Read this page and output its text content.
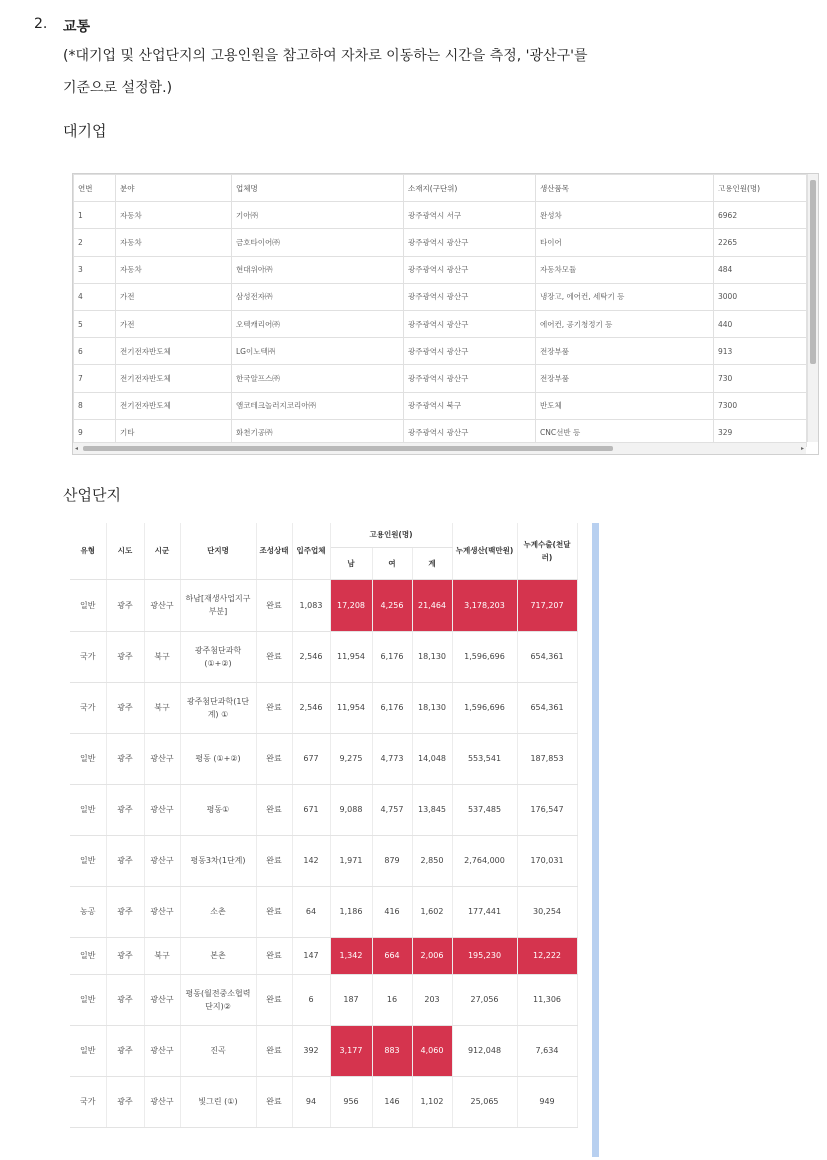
2. 교통
(*대기업 및 산업단지의 고용인원을 참고하여 자차로 이동하는 시간을 측정, '광산구'를
기준으로 설정함.)
대기업
연번	분야	업체명	소재지(구단위)	생산품목	고용인원(명)
1	자동차	기아㈜	광주광역시 서구	완성차	6962
2	자동차	금호타이어㈜	광주광역시 광산구	타이어	2265
3	자동차	현대위아㈜	광주광역시 광산구	자동차모듈	484
4	가전	삼성전자㈜	광주광역시 광산구	냉장고, 에어컨, 세탁기 등	3000
5	가전	오텍캐리어㈜	광주광역시 광산구	에어컨, 공기청정기 등	440
6	전기전자반도체	LG이노텍㈜	광주광역시 광산구	전장부품	913
7	전기전자반도체	한국알프스㈜	광주광역시 광산구	전장부품	730
8	전기전자반도체	앰코테크놀러지코리아㈜	광주광역시 북구	반도체	7300
9	기타	화천기공㈜	광주광역시 광산구	CNC선반 등	329
◂	▸
산업단지
유형	시도	시군	단지명	조성상태	입주업체	고용인원(명)			누계생산(백만원)	누계수출(천달러)
						남	여	계		
일반	광주	광산구	하남[재생사업지구부분]	완료	1,083	17,208	4,256	21,464	3,178,203	717,207
국가	광주	북구	광주첨단과학(①+②)	완료	2,546	11,954	6,176	18,130	1,596,696	654,361
국가	광주	북구	광주첨단과학(1단계) ①	완료	2,546	11,954	6,176	18,130	1,596,696	654,361
일반	광주	광산구	평동 (①+②)	완료	677	9,275	4,773	14,048	553,541	187,853
일반	광주	광산구	평동①	완료	671	9,088	4,757	13,845	537,485	176,547
일반	광주	광산구	평동3차(1단계)	완료	142	1,971	879	2,850	2,764,000	170,031
농공	광주	광산구	소촌	완료	64	1,186	416	1,602	177,441	30,254
일반	광주	북구	본촌	완료	147	1,342	664	2,006	195,230	12,222
일반	광주	광산구	평동(월전중소협력단지)②	완료	6	187	16	203	27,056	11,306
일반	광주	광산구	진곡	완료	392	3,177	883	4,060	912,048	7,634
국가	광주	광산구	빛그린 (①)	완료	94	956	146	1,102	25,065	949
